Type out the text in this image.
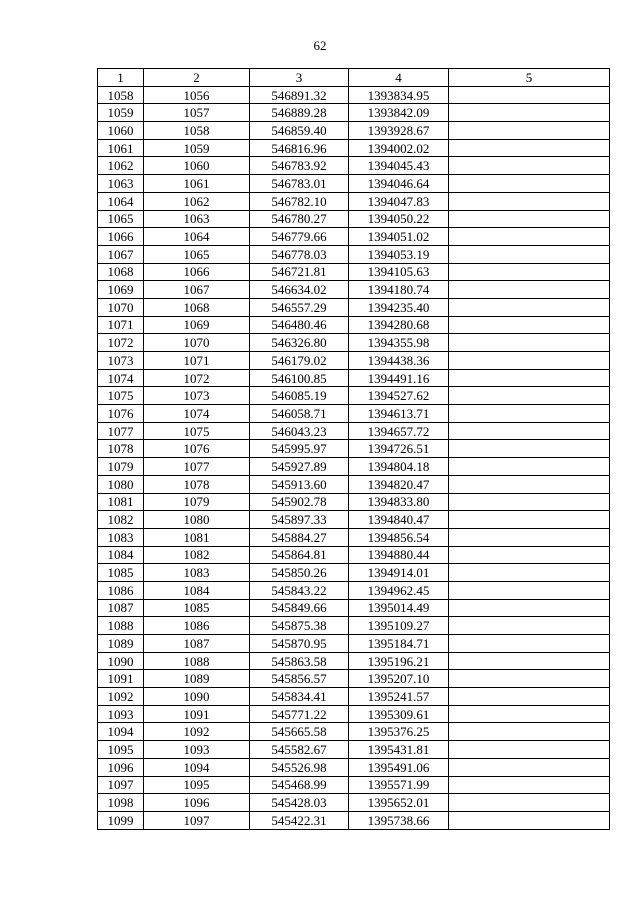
62
1	2	3	4	5
1058	1056	546891.32	1393834.95	
1059	1057	546889.28	1393842.09	
1060	1058	546859.40	1393928.67	
1061	1059	546816.96	1394002.02	
1062	1060	546783.92	1394045.43	
1063	1061	546783.01	1394046.64	
1064	1062	546782.10	1394047.83	
1065	1063	546780.27	1394050.22	
1066	1064	546779.66	1394051.02	
1067	1065	546778.03	1394053.19	
1068	1066	546721.81	1394105.63	
1069	1067	546634.02	1394180.74	
1070	1068	546557.29	1394235.40	
1071	1069	546480.46	1394280.68	
1072	1070	546326.80	1394355.98	
1073	1071	546179.02	1394438.36	
1074	1072	546100.85	1394491.16	
1075	1073	546085.19	1394527.62	
1076	1074	546058.71	1394613.71	
1077	1075	546043.23	1394657.72	
1078	1076	545995.97	1394726.51	
1079	1077	545927.89	1394804.18	
1080	1078	545913.60	1394820.47	
1081	1079	545902.78	1394833.80	
1082	1080	545897.33	1394840.47	
1083	1081	545884.27	1394856.54	
1084	1082	545864.81	1394880.44	
1085	1083	545850.26	1394914.01	
1086	1084	545843.22	1394962.45	
1087	1085	545849.66	1395014.49	
1088	1086	545875.38	1395109.27	
1089	1087	545870.95	1395184.71	
1090	1088	545863.58	1395196.21	
1091	1089	545856.57	1395207.10	
1092	1090	545834.41	1395241.57	
1093	1091	545771.22	1395309.61	
1094	1092	545665.58	1395376.25	
1095	1093	545582.67	1395431.81	
1096	1094	545526.98	1395491.06	
1097	1095	545468.99	1395571.99	
1098	1096	545428.03	1395652.01	
1099	1097	545422.31	1395738.66	
